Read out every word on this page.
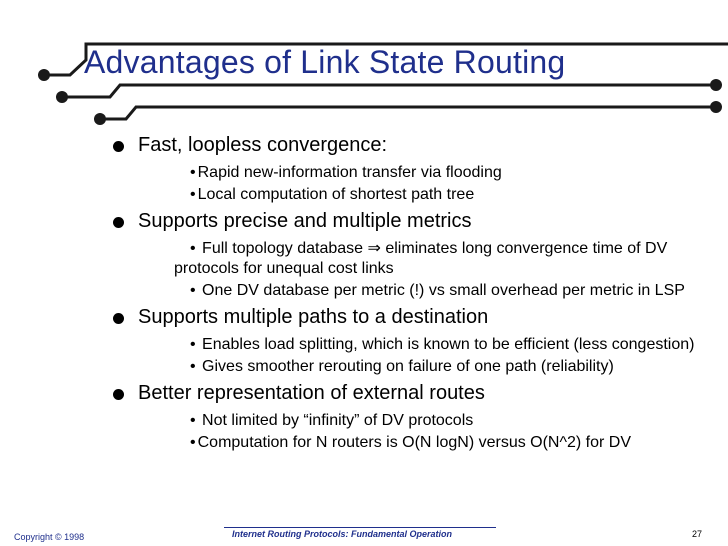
Advantages of Link State Routing
Fast, loopless convergence:
• Rapid new-information transfer via flooding
• Local computation of shortest path tree
Supports precise and multiple metrics
• Full topology database ⇒ eliminates long convergence time of DV protocols for unequal cost links
• One DV database per metric (!) vs small overhead per metric in LSP
Supports multiple paths to a destination
• Enables load splitting, which is known to be efficient (less congestion)
• Gives smoother rerouting on failure of one path (reliability)
Better representation of external routes
• Not limited by “infinity” of DV protocols
• Computation for N routers is O(N logN) versus O(N^2) for DV
Copyright © 1998	Internet Routing Protocols: Fundamental Operation	27
